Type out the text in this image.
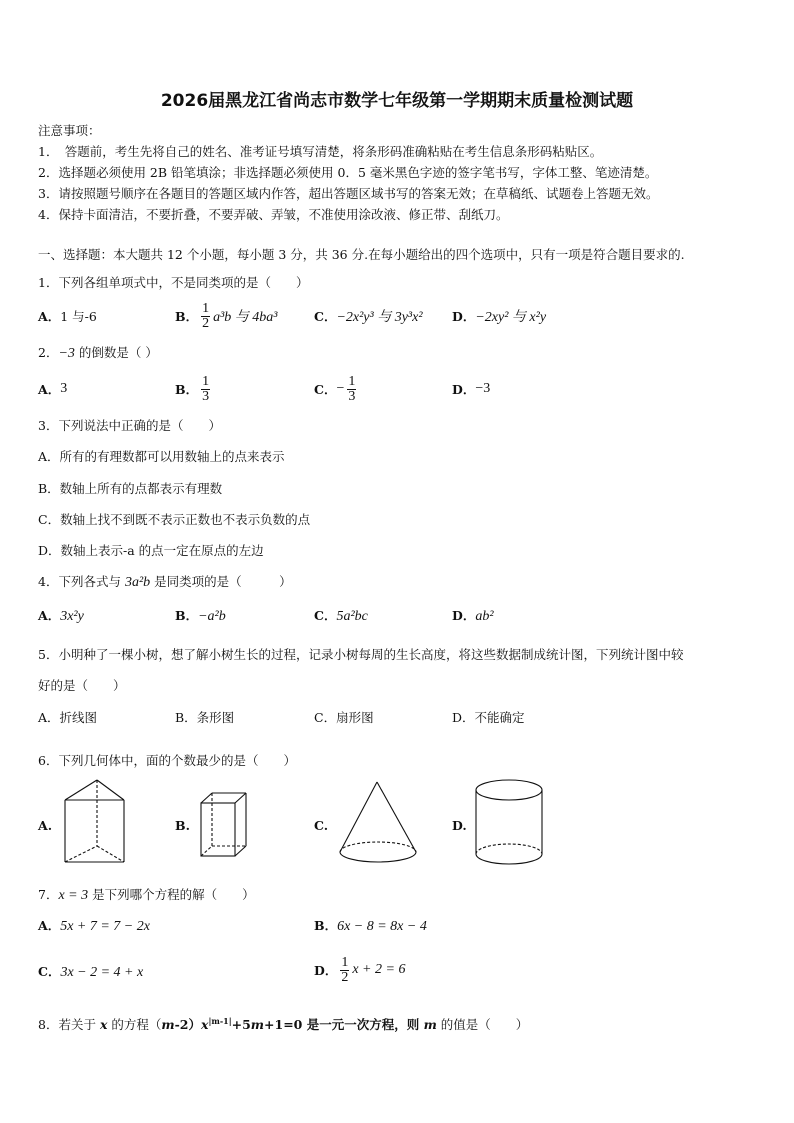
2026届黑龙江省尚志市数学七年级第一学期期末质量检测试题
注意事项：
1．　答题前，考生先将自己的姓名、准考证号填写清楚，将条形码准确粘贴在考生信息条形码粘贴区。
2．选择题必须使用 2B 铅笔填涂；非选择题必须使用 0．5 毫米黑色字迹的签字笔书写，字体工整、笔迹清楚。
3．请按照题号顺序在各题目的答题区域内作答，超出答题区域书写的答案无效；在草稿纸、试题卷上答题无效。
4．保持卡面清洁，不要折叠，不要弄破、弄皱，不准使用涂改液、修正带、刮纸刀。
一、选择题：本大题共 12 个小题，每小题 3 分，共 36 分.在每小题给出的四个选项中，只有一项是符合题目要求的.
1．下列各组单项式中，不是同类项的是（　　）
A． 1 与-6	B． $\frac{1}{2} a^3b$ 与 4ba³	C． −2x²y³ 与 3y³x² D． −2xy² 与 x²y
2．−3 的倒数是（ ）
A． 3	B． $\frac{1}{3}$	C． − $\frac{1}{3}$	D． −3
3．下列说法中正确的是（　　）
A．所有的有理数都可以用数轴上的点来表示
B．数轴上所有的点都表示有理数
C．数轴上找不到既不表示正数也不表示负数的点
D．数轴上表示-a 的点一定在原点的左边
4．下列各式与 3a²b 是同类项的是（　　　）
A．3x²y	B．−a²b	C．5a²bc	D．ab²
5．小明种了一棵小树，想了解小树生长的过程，记录小树每周的生长高度，将这些数据制成统计图，下列统计图中较
好的是（　　）
A．折线图	B．条形图	C．扇形图	D．不能确定
6．下列几何体中，面的个数最少的是（　　）
A.	B.	C.	D.
7．x = 3 是下列哪个方程的解（　　）
A．5x + 7 = 7 − 2x	B．6x − 8 = 8x − 4
C．3x − 2 = 4 + x	D． $\frac{1}{2}$ x + 2 = 6
8．若关于 x 的方程$(m-2)x^{|m-1|}+5m+1=0$ 是一元一次方程，则 m 的值是（　　）
